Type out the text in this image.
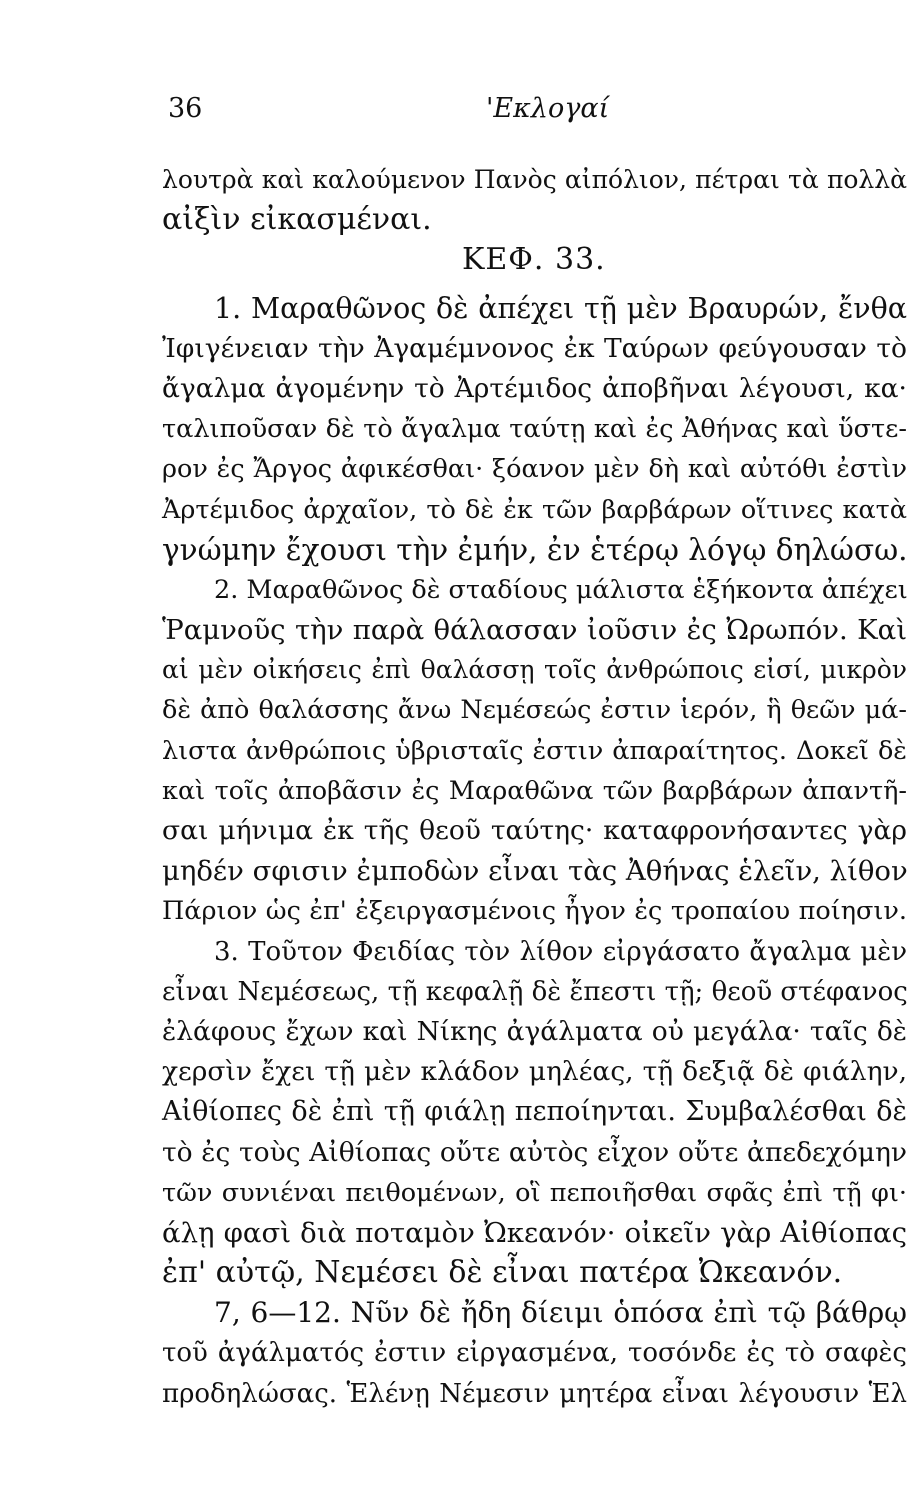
36	'Εκλογαί
λουτρὰ καὶ καλούμενον Πανὸς αἰπόλιον, πέτραι τὰ πολλὰ
αἰξὶν εἰκασμέναι.
ΚΕΦ. 33.
1. Μαραθῶνος δὲ ἀπέχει τῇ μὲν Βραυρών, ἔνθα
Ἰφιγένειαν τὴν Ἀγαμέμνονος ἐκ Ταύρων φεύγουσαν τὸ
ἄγαλμα ἀγομένην τὸ Ἀρτέμιδος ἀποβῆναι λέγουσι, κα·
ταλιποῦσαν δὲ τὸ ἄγαλμα ταύτῃ καὶ ἐς Ἀθήνας καὶ ὕστε-
ρον ἐς Ἄργος ἀφικέσθαι· ξόανον μὲν δὴ καὶ αὐτόθι ἐστὶν
Ἀρτέμιδος ἀρχαῖον, τὸ δὲ ἐκ τῶν βαρβάρων οἵτινες κατὰ
γνώμην ἔχουσι τὴν ἐμήν, ἐν ἑτέρῳ λόγῳ δηλώσω.
2. Μαραθῶνος δὲ σταδίους μάλιστα ἑξήκοντα ἀπέχει
Ῥαμνοῦς τὴν παρὰ θάλασσαν ἰοῦσιν ἐς Ὠρωπόν. Καὶ
αἱ μὲν οἰκήσεις ἐπὶ θαλάσσῃ τοῖς ἀνθρώποις εἰσί, μικρὸν
δὲ ἀπὸ θαλάσσης ἄνω Νεμέσεώς ἐστιν ἱερόν, ἣ θεῶν μά-
λιστα ἀνθρώποις ὑβρισταῖς ἐστιν ἀπαραίτητος. Δοκεῖ δὲ
καὶ τοῖς ἀποβᾶσιν ἐς Μαραθῶνα τῶν βαρβάρων ἀπαντῆ-
σαι μήνιμα ἐκ τῆς θεοῦ ταύτης· καταφρονήσαντες γὰρ
μηδέν σφισιν ἐμποδὼν εἶναι τὰς Ἀθήνας ἑλεῖν, λίθον
Πάριον ὡς ἐπ' ἐξειργασμένοις ἦγον ἐς τροπαίου ποίησιν.
3. Τοῦτον Φειδίας τὸν λίθον εἰργάσατο ἄγαλμα μὲν
εἶναι Νεμέσεως, τῇ κεφαλῇ δὲ ἔπεστι τῇ; θεοῦ στέφανος
ἐλάφους ἔχων καὶ Νίκης ἀγάλματα οὐ μεγάλα· ταῖς δὲ
χερσὶν ἔχει τῇ μὲν κλάδον μηλέας, τῇ δεξιᾷ δὲ φιάλην,
Αἰθίοπες δὲ ἐπὶ τῇ φιάλῃ πεποίηνται. Συμβαλέσθαι δὲ
τὸ ἐς τοὺς Αἰθίοπας οὔτε αὐτὸς εἶχον οὔτε ἀπεδεχόμην
τῶν συνιέναι πειθομένων, οἳ πεποιῆσθαι σφᾶς ἐπὶ τῇ φι·
άλῃ φασὶ διὰ ποταμὸν Ὠκεανόν· οἰκεῖν γὰρ Αἰθίοπας
ἐπ' αὐτῷ, Νεμέσει δὲ εἶναι πατέρα Ὠκεανόν.
7, 6—12. Νῦν δὲ ἤδη δίειμι ὁπόσα ἐπὶ τῷ βάθρῳ
τοῦ ἀγάλματός ἐστιν εἰργασμένα, τοσόνδε ἐς τὸ σαφὲς
προδηλώσας. Ἑλένῃ Νέμεσιν μητέρα εἶναι λέγουσιν Ἑλ
